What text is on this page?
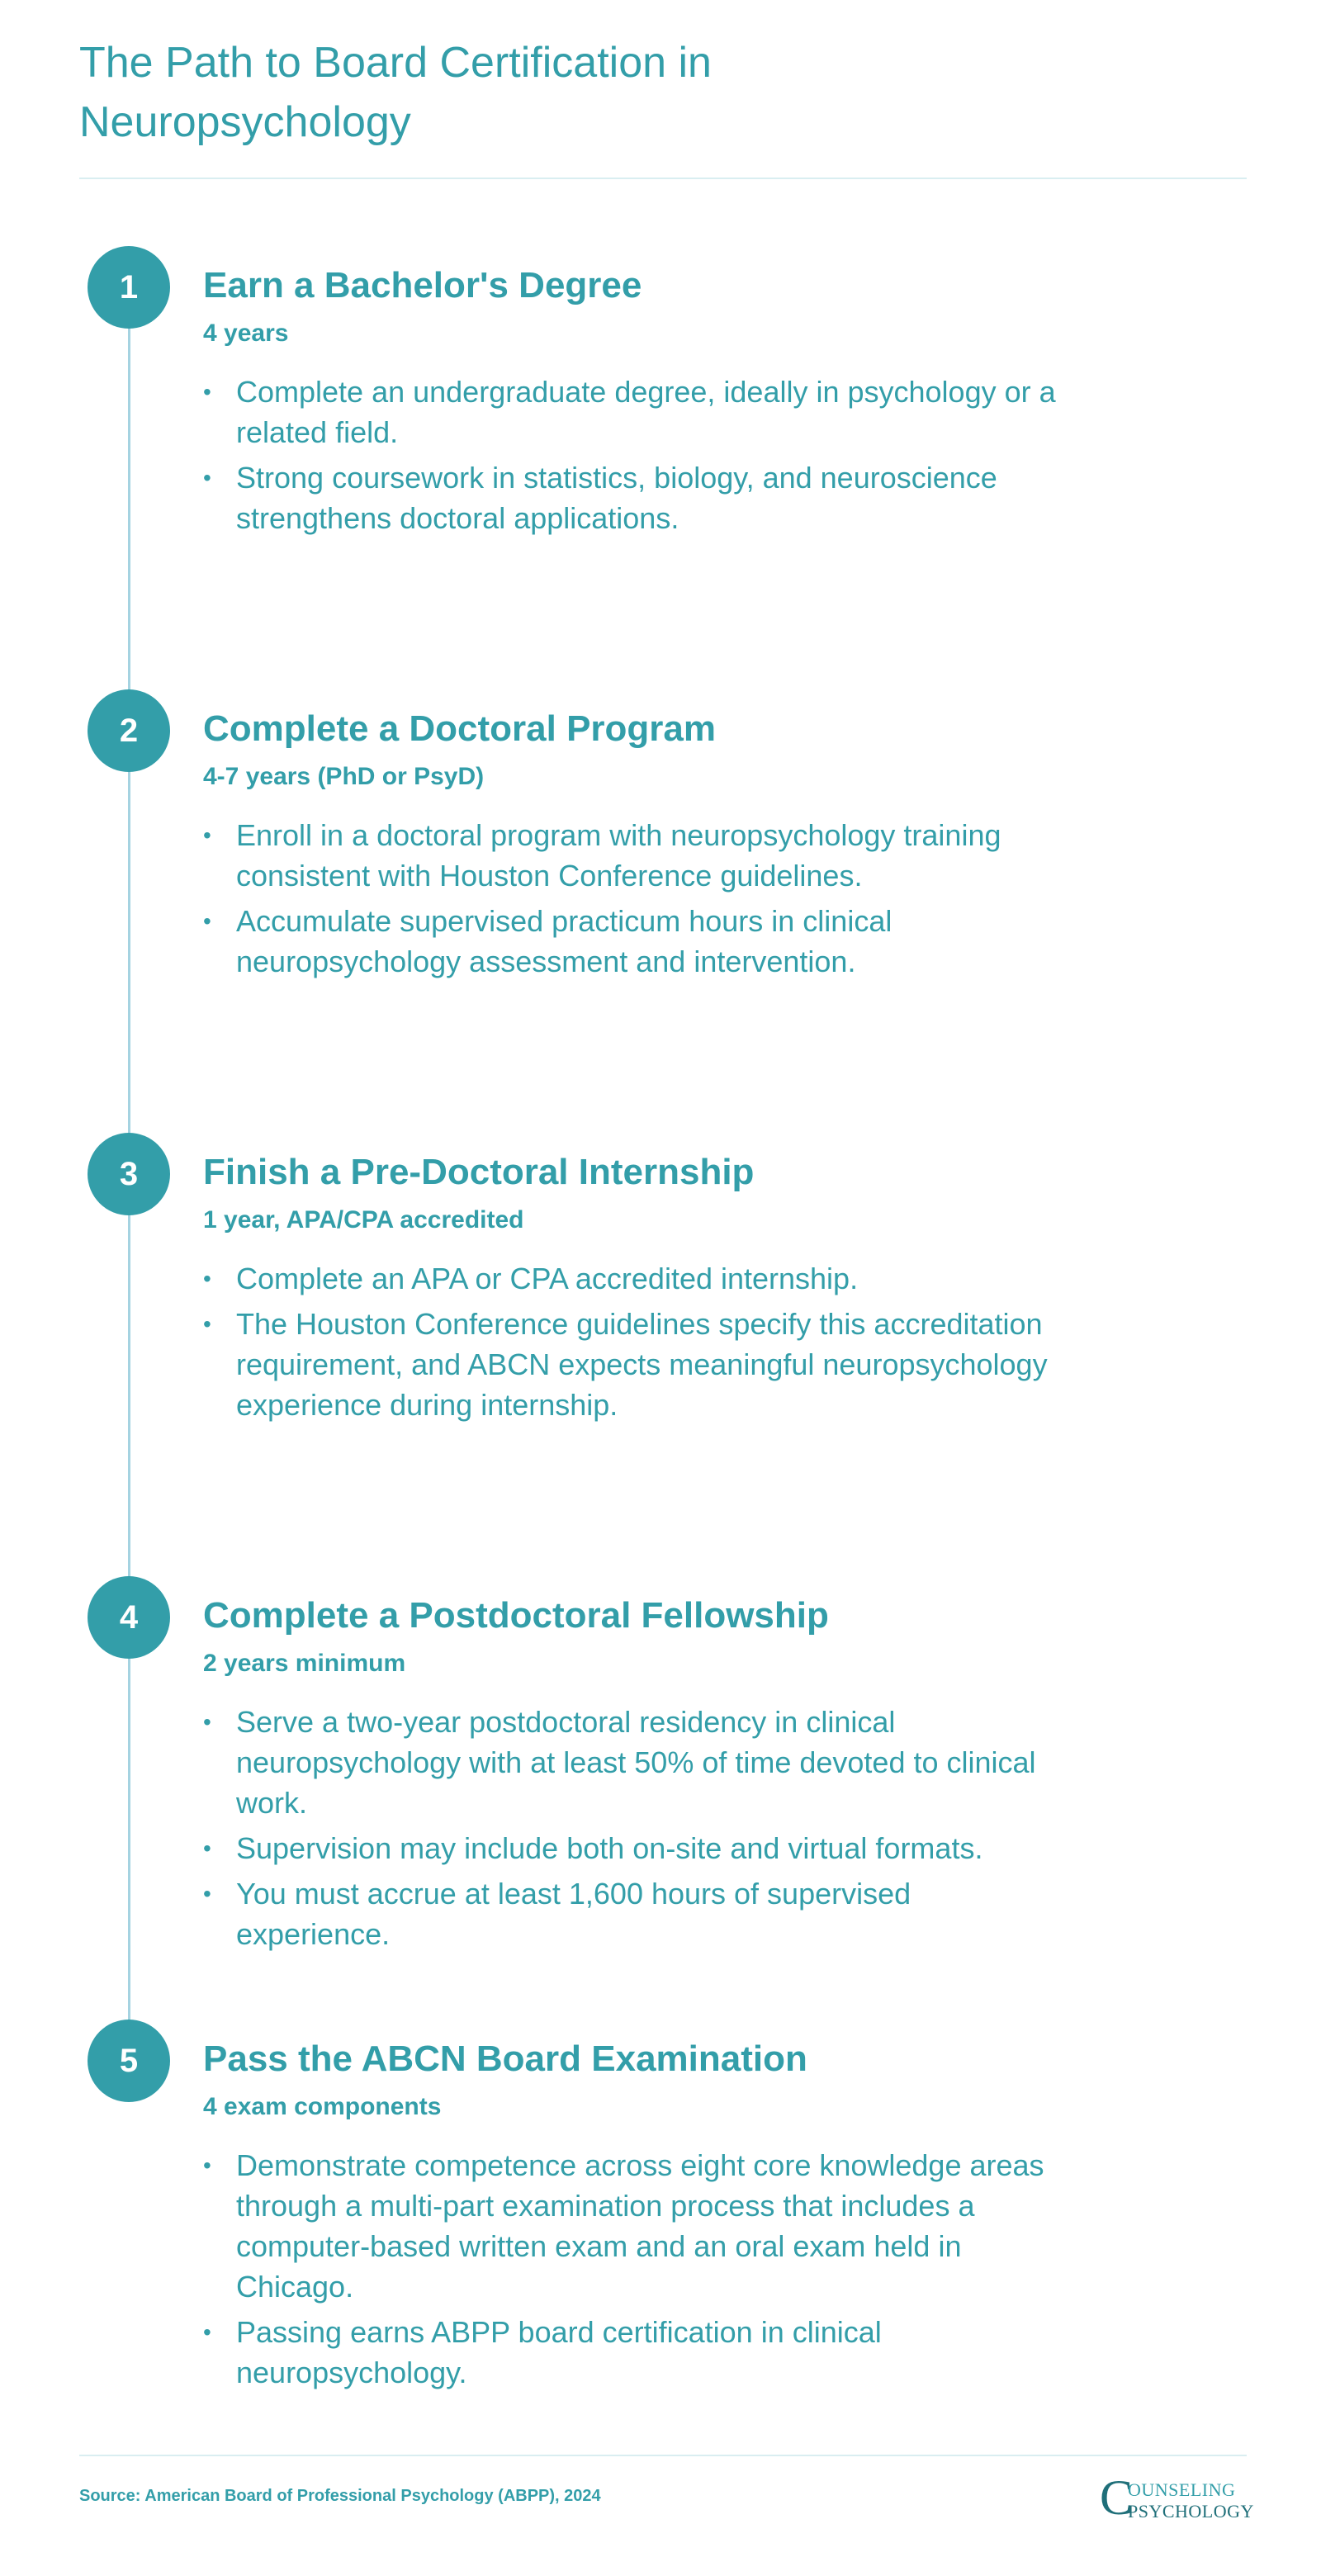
The Path to Board Certification in Neuropsychology
1	Earn a Bachelor's Degree
4 years
• Complete an undergraduate degree, ideally in psychology or a related field.
• Strong coursework in statistics, biology, and neuroscience strengthens doctoral applications.
2	Complete a Doctoral Program
4-7 years (PhD or PsyD)
• Enroll in a doctoral program with neuropsychology training consistent with Houston Conference guidelines.
• Accumulate supervised practicum hours in clinical neuropsychology assessment and intervention.
3	Finish a Pre-Doctoral Internship
1 year, APA/CPA accredited
• Complete an APA or CPA accredited internship.
• The Houston Conference guidelines specify this accreditation requirement, and ABCN expects meaningful neuropsychology experience during internship.
4	Complete a Postdoctoral Fellowship
2 years minimum
• Serve a two-year postdoctoral residency in clinical neuropsychology with at least 50% of time devoted to clinical work.
• Supervision may include both on-site and virtual formats.
• You must accrue at least 1,600 hours of supervised experience.
5	Pass the ABCN Board Examination
4 exam components
• Demonstrate competence across eight core knowledge areas through a multi-part examination process that includes a computer-based written exam and an oral exam held in Chicago.
• Passing earns ABPP board certification in clinical neuropsychology.
Source: American Board of Professional Psychology (ABPP), 2024	C
OUNSELING
PSYCHOLOGY
